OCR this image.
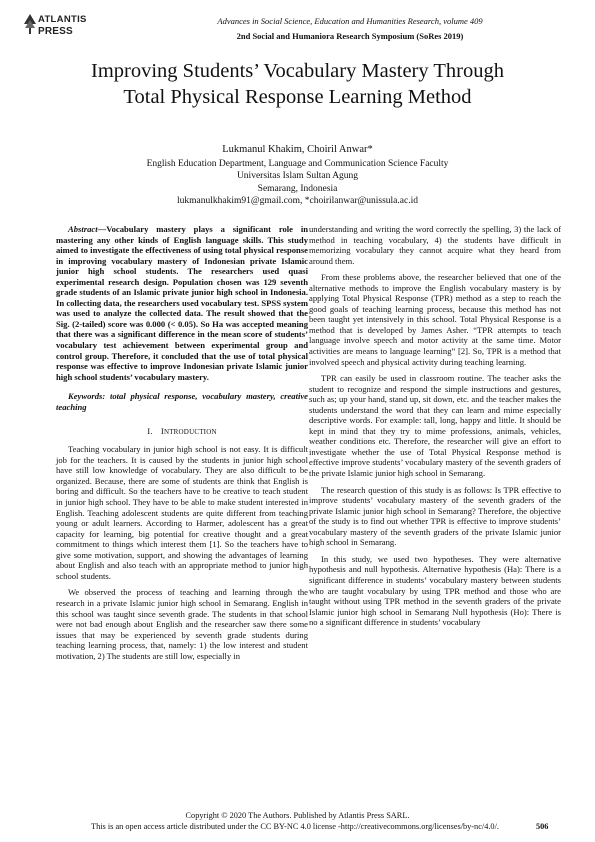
ATLANTIS
PRESS
Advances in Social Science, Education and Humanities Research, volume 409
2nd Social and Humaniora Research Symposium (SoRes 2019)
Improving Students’ Vocabulary Mastery Through
Total Physical Response Learning Method
Lukmanul Khakim, Choiril Anwar*
English Education Department, Language and Communication Science Faculty
Universitas Islam Sultan Agung
Semarang, Indonesia
lukmanulkhakim91@gmail.com, *choirilanwar@unissula.ac.id

Abstract—Vocabulary mastery plays a significant role in mastering any other kinds of English language skills. This study aimed to investigate the effectiveness of using total physical response in improving vocabulary mastery of Indonesian private Islamic junior high school students. The researchers used quasi experimental research design. Population chosen was 129 seventh grade students of an Islamic private junior high school in Indonesia. In collecting data, the researchers used vocabulary test. SPSS system was used to analyze the collected data. The result showed that the Sig. (2-tailed) score was 0.000 (< 0.05). So Ha was accepted meaning that there was a significant difference in the mean score of students’ vocabulary test achievement between experimental group and control group. Therefore, it concluded that the use of total physical response was effective to improve Indonesian private Islamic junior high school students’ vocabulary mastery.

Keywords: total physical response, vocabulary mastery, creative teaching

I. INTRODUCTION

Teaching vocabulary in junior high school is not easy. It is difficult job for the teachers. It is caused by the students in junior high school have still low knowledge of vocabulary. They are also difficult to be organized. Because, there are some of students are think that English is boring and difficult. So the teachers have to be creative to teach student in junior high school. They have to be able to make student interested in English. Teaching adolescent students are quite different from teaching young or adult learners. According to Harmer, adolescent has a great capacity for learning, big potential for creative thought and a great commitment to things which interest them [1]. So the teachers have to give some motivation, support, and showing the advantages of learning about English and also teach with an appropriate method to junior high school students.

We observed the process of teaching and learning through the research in a private Islamic junior high school in Semarang. English in this school was taught since seventh grade. The students in that school were not bad enough about English and the researcher saw there some issues that may be experienced by seventh grade students during teaching learning process, that, namely: 1) the low interest and student motivation, 2) The students are still low, especially in

understanding and writing the word correctly the spelling, 3) the lack of method in teaching vocabulary, 4) the students have difficult in memorizing vocabulary they cannot acquire what they heard from around them.

From these problems above, the researcher believed that one of the alternative methods to improve the English vocabulary mastery is by applying Total Physical Response (TPR) method as a step to reach the good goals of teaching learning process, because this method has not been taught yet intensively in this school. Total Physical Response is a method that is developed by James Asher. “TPR attempts to teach language involve speech and motor activity at the same time. Motor activities are means to language learning” [2]. So, TPR is a method that involved speech and physical activity during teaching learning.

TPR can easily be used in classroom routine. The teacher asks the student to recognize and respond the simple instructions and gestures, such as; up your hand, stand up, sit down, etc. and the teacher makes the students understand the word that they can learn and mime especially descriptive words. For example: tall, long, happy and little. It should be kept in mind that they try to mime professions, animals, vehicles, weather conditions etc. Therefore, the researcher will give an effort to investigate whether the use of Total Physical Response method is effective improve students’ vocabulary mastery of the seventh graders of the private Islamic junior high school in Semarang.

The research question of this study is as follows: Is TPR effective to improve students’ vocabulary mastery of the seventh graders of the private Islamic junior high school in Semarang? Therefore, the objective of the study is to find out whether TPR is effective to improve students’ vocabulary mastery of the seventh graders of the private Islamic junior high school in Semarang.

In this study, we used two hypotheses. They were alternative hypothesis and null hypothesis. Alternative hypothesis (Ha): There is a significant difference in students’ vocabulary mastery between students who are taught vocabulary by using TPR method and those who are taught without using TPR method in the seventh graders of the private Islamic junior high school in Semarang Null hypothesis (Ho): There is no a significant difference in students’ vocabulary

Copyright © 2020 The Authors. Published by Atlantis Press SARL.
This is an open access article distributed under the CC BY-NC 4.0 license -http://creativecommons.org/licenses/by-nc/4.0/.	506
